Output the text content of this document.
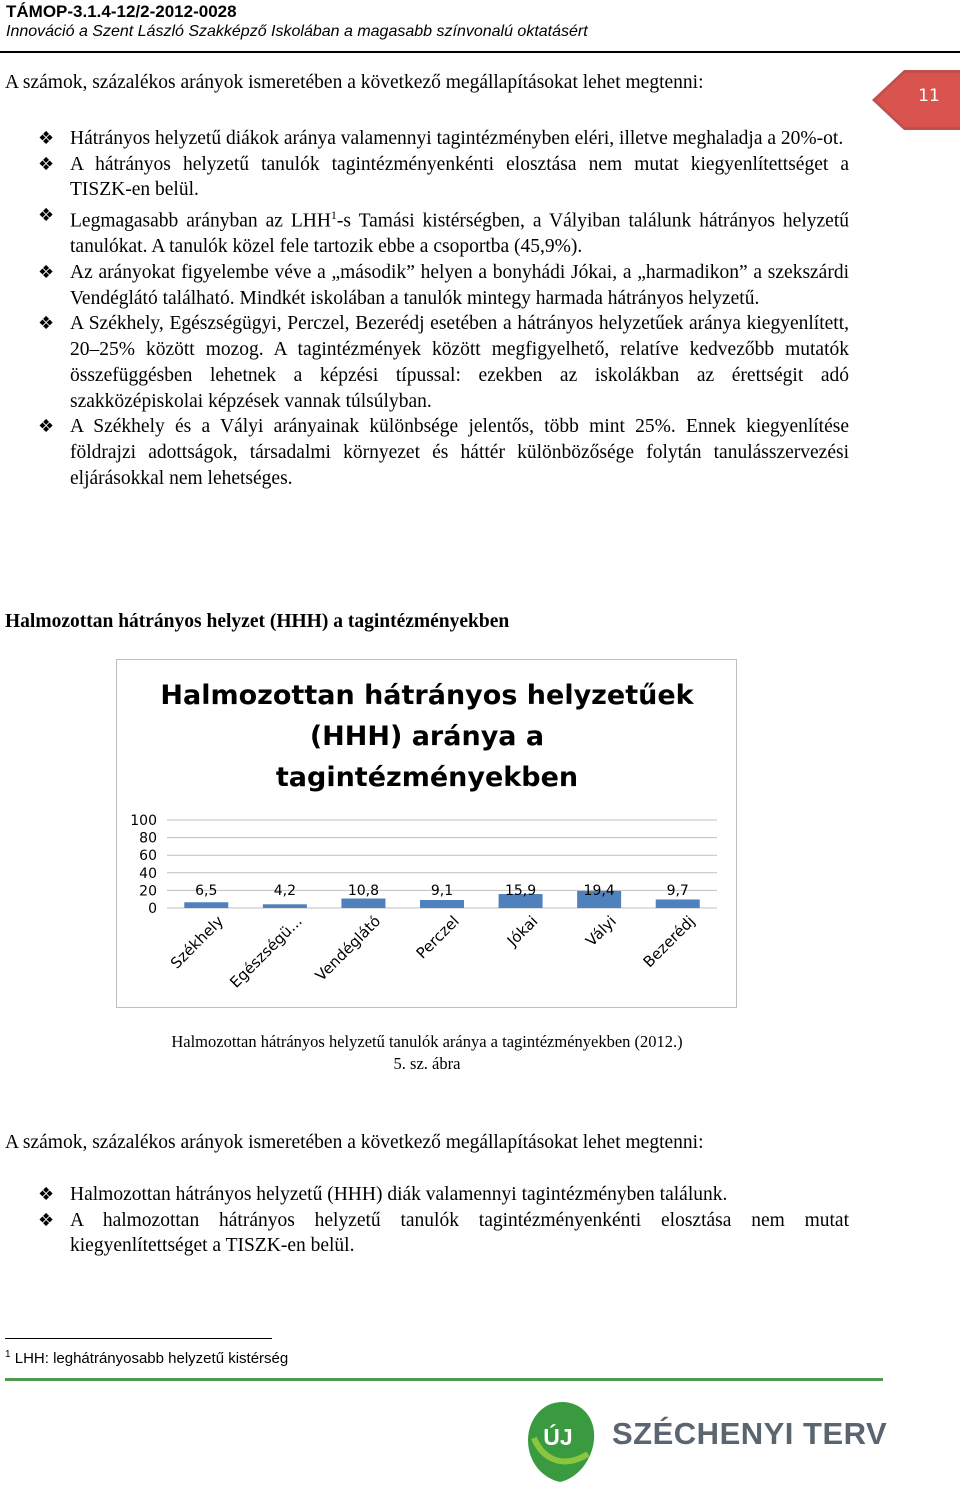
TÁMOP-3.1.4-12/2-2012-0028
Innováció a Szent László Szakképző Iskolában a magasabb színvonalú oktatásért
11
A számok, százalékos arányok ismeretében a következő megállapításokat lehet megtenni:
❖ Hátrányos helyzetű diákok aránya valamennyi tagintézményben eléri, illetve meghaladja a 20%-ot.
❖ A hátrányos helyzetű tanulók tagintézményenkénti elosztása nem mutat kiegyenlítettséget a TISZK-en belül.
❖ Legmagasabb arányban az LHH$^1$-s Tamási kistérségben, a Vályiban találunk hátrányos helyzetű tanulókat. A tanulók közel fele tartozik ebbe a csoportba (45,9%).
❖ Az arányokat figyelembe véve a „második” helyen a bonyhádi Jókai, a „harmadikon” a szekszárdi Vendéglátó található. Mindkét iskolában a tanulók mintegy harmada hátrányos helyzetű.
❖ A Székhely, Egészségügyi, Perczel, Bezerédj esetében a hátrányos helyzetűek aránya kiegyenlített, 20–25% között mozog. A tagintézmények között megfigyelhető, relatíve kedvezőbb mutatók összefüggésben lehetnek a képzési típussal: ezekben az iskolákban az érettségit adó szakközépiskolai képzések vannak túlsúlyban.
❖ A Székhely és a Vályi arányainak különbsége jelentős, több mint 25%. Ennek kiegyenlítése földrajzi adottságok, társadalmi környezet és háttér különbözősége folytán tanulásszervezési eljárásokkal nem lehetséges.
Halmozottan hátrányos helyzet (HHH) a tagintézményekben
Halmozottan hátrányos helyzetűek
(HHH) aránya a
tagintézményekben
0
20
40
60
80
100
6,5
Székhely
4,2
Egészségü...
10,8
Vendéglátó
9,1
Perczel
15,9
Jókai
19,4
Vályi
9,7
Bezerédj
Halmozottan hátrányos helyzetű tanulók aránya a tagintézményekben (2012.)
5. sz. ábra
A számok, százalékos arányok ismeretében a következő megállapításokat lehet megtenni:
❖ Halmozottan hátrányos helyzetű (HHH) diák valamennyi tagintézményben találunk.
❖ A halmozottan hátrányos helyzetű tanulók tagintézményenkénti elosztása nem mutat kiegyenlítettséget a TISZK-en belül.
$^1$ LHH: leghátrányosabb helyzetű kistérség
ÚJ	SZÉCHENYI TERV
